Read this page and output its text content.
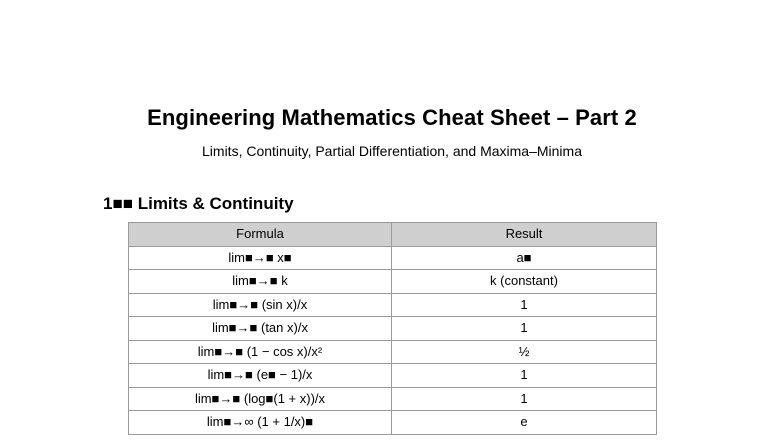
Engineering Mathematics Cheat Sheet – Part 2
Limits, Continuity, Partial Differentiation, and Maxima–Minima
1■■ Limits & Continuity
Formula	Result
lim■→■ x■	a■
lim■→■ k	k (constant)
lim■→■ (sin x)/x	1
lim■→■ (tan x)/x	1
lim■→■ (1 − cos x)/x²	½
lim■→■ (e■ − 1)/x	1
lim■→■ (log■(1 + x))/x	1
lim■→∞ (1 + 1/x)■	e
